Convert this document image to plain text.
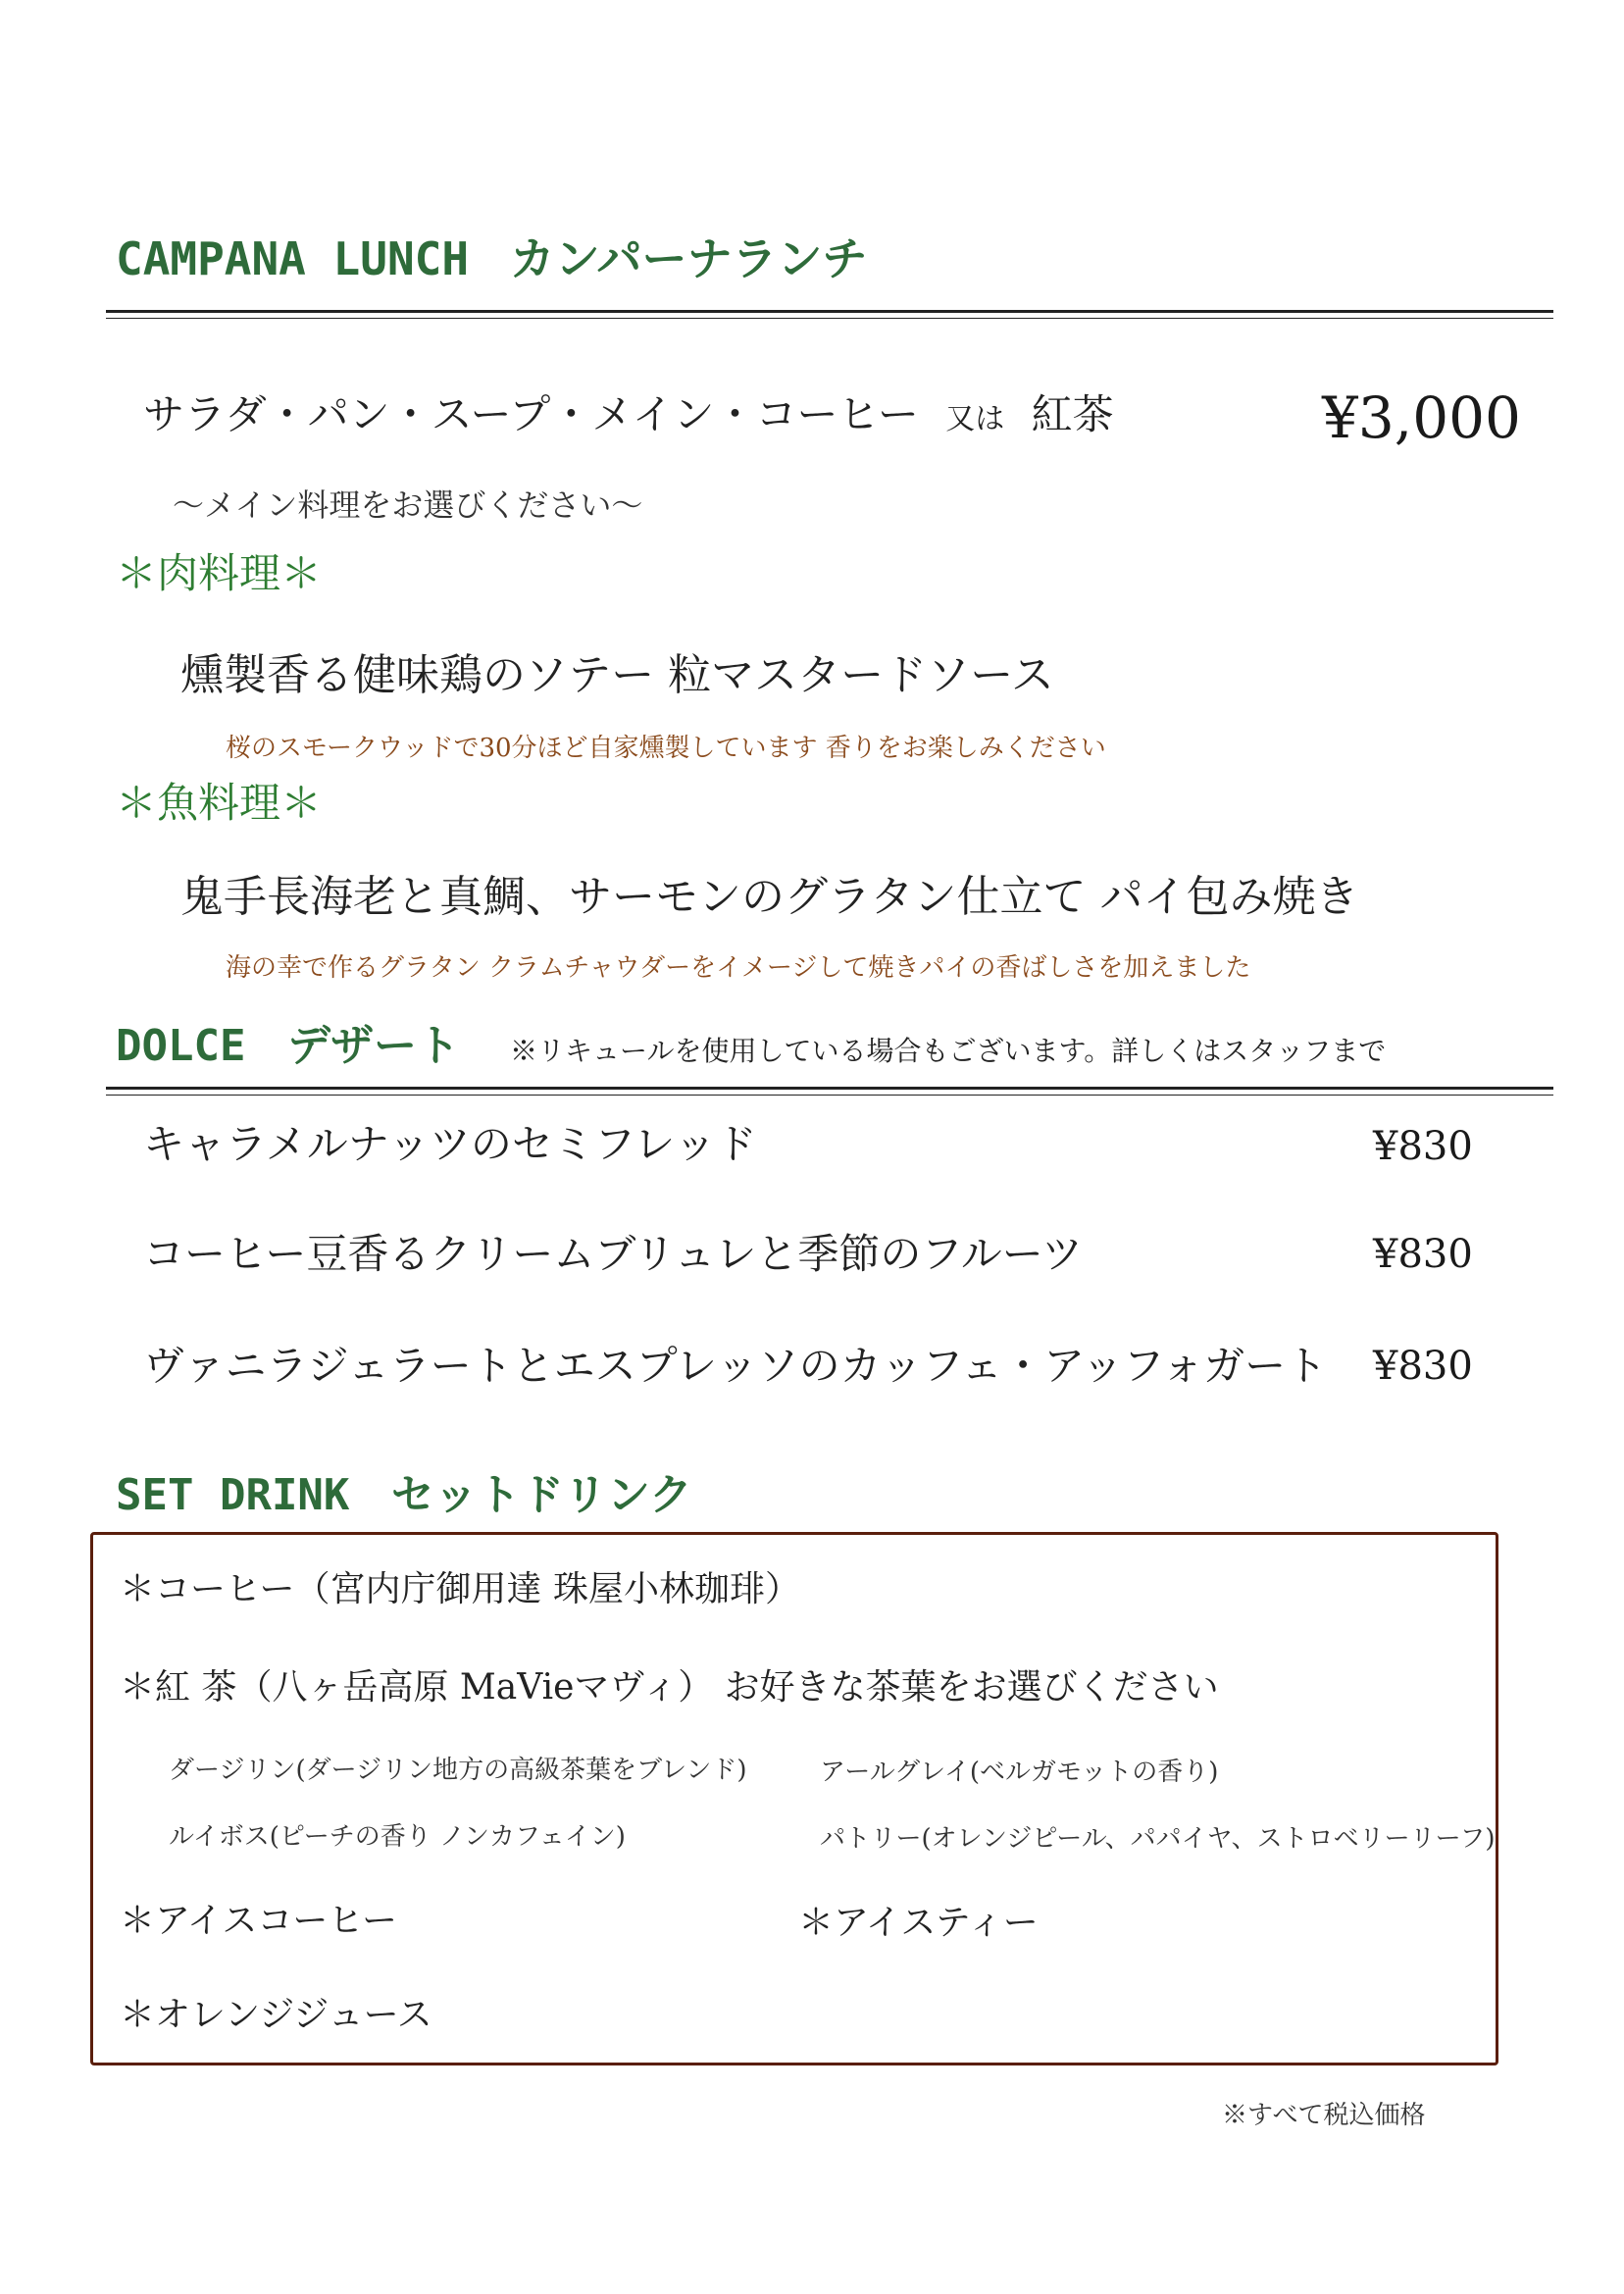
CAMPANA LUNCH カンパーナランチ
サラダ・パン・スープ・メイン・コーヒー 又は 紅茶	¥3,000
〜メイン料理をお選びください〜
＊肉料理＊
燻製香る健味鶏のソテー 粒マスタードソース
桜のスモークウッドで30分ほど自家燻製しています 香りをお楽しみください
＊魚料理＊
鬼手長海老と真鯛、サーモンのグラタン仕立て パイ包み焼き
海の幸で作るグラタン クラムチャウダーをイメージして焼きパイの香ばしさを加えました
DOLCE デザート ※リキュールを使用している場合もございます。詳しくはスタッフまで
キャラメルナッツのセミフレッド	¥830
コーヒー豆香るクリームブリュレと季節のフルーツ	¥830
ヴァニラジェラートとエスプレッソのカッフェ・アッフォガート ¥830
SET DRINK セットドリンク
＊コーヒー（宮内庁御用達 珠屋小林珈琲）
＊紅 茶（八ヶ岳高原 MaVieマヴィ） お好きな茶葉をお選びください
ダージリン(ダージリン地方の高級茶葉をブレンド)	アールグレイ(ベルガモットの香り)
ルイボス(ピーチの香り ノンカフェイン)	パトリー(オレンジピール、パパイヤ、ストロベリーリーフ)
＊アイスコーヒー	＊アイスティー
＊オレンジジュース
※すべて税込価格
